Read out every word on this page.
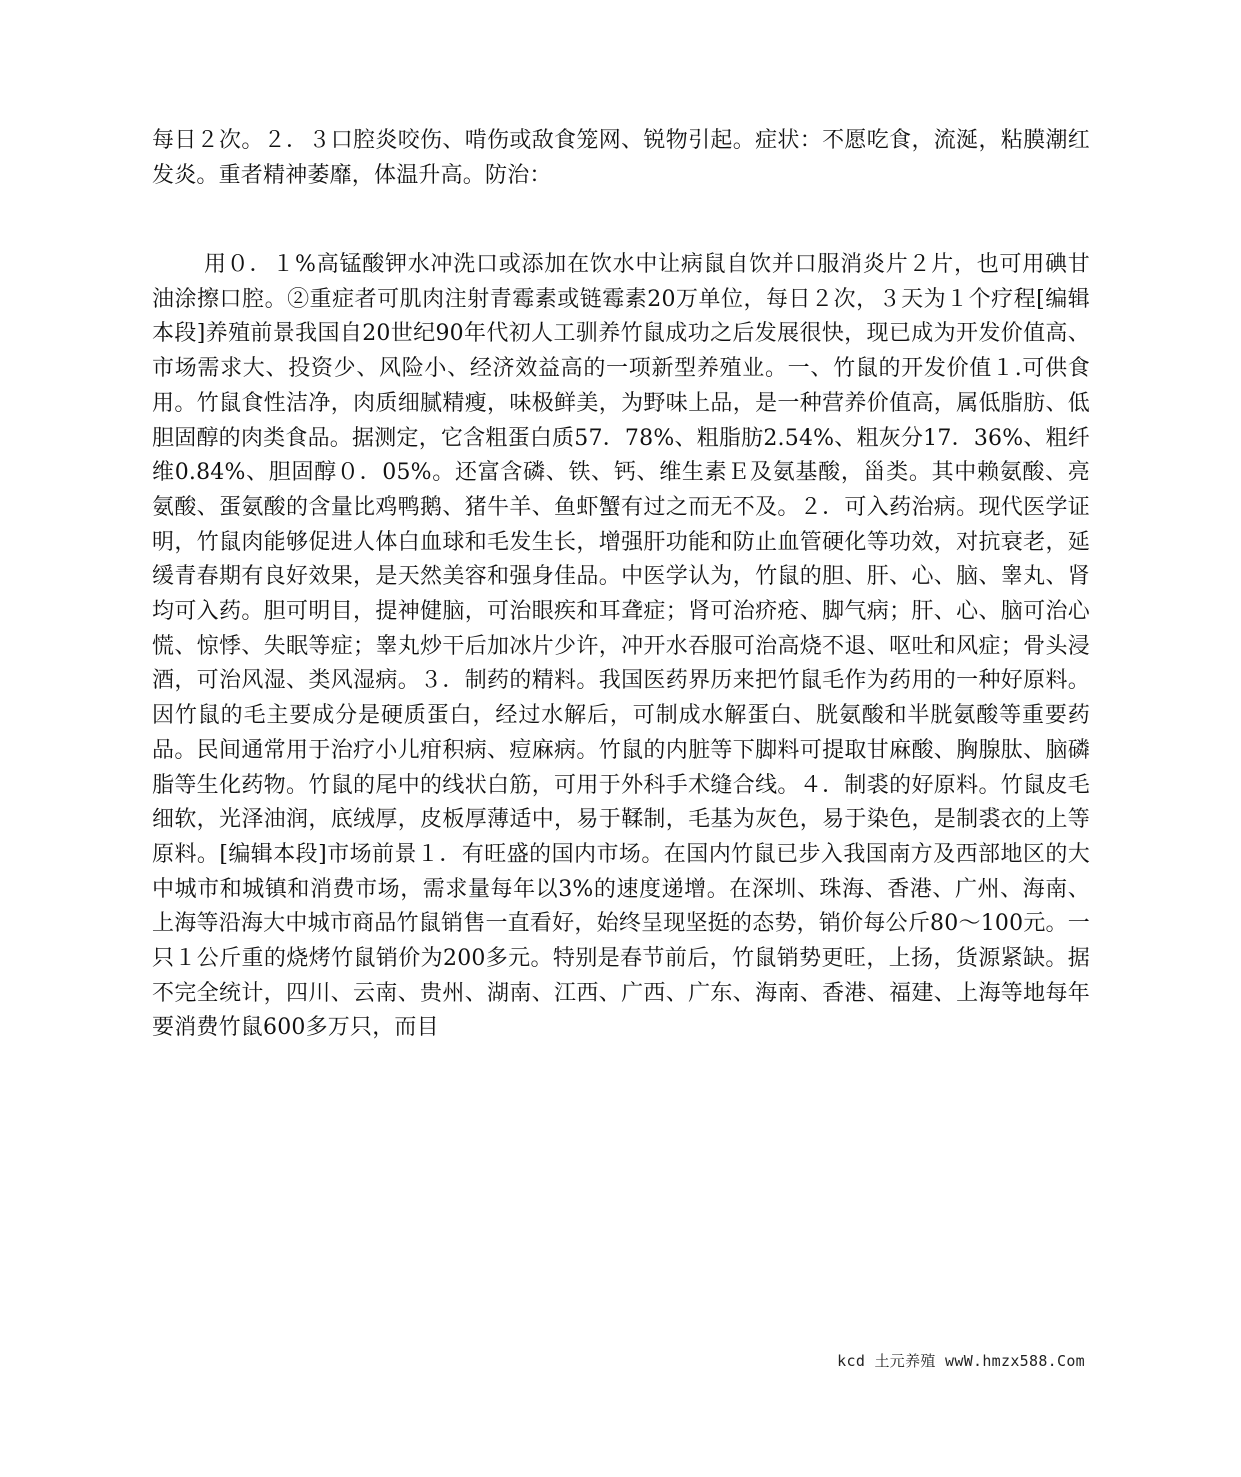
每日２次。２．３口腔炎咬伤、啃伤或敌食笼网、锐物引起。症状：不愿吃食，流涎，粘膜潮红发炎。重者精神萎靡，体温升高。防治：

用０．１%高锰酸钾水冲洗口或添加在饮水中让病鼠自饮并口服消炎片２片，也可用碘甘油涂擦口腔。②重症者可肌肉注射青霉素或链霉素20万单位，每日２次，３天为１个疗程[编辑本段]养殖前景我国自20世纪90年代初人工驯养竹鼠成功之后发展很快，现已成为开发价值高、市场需求大、投资少、风险小、经济效益高的一项新型养殖业。一、竹鼠的开发价值１.可供食用。竹鼠食性洁净，肉质细腻精瘦，味极鲜美，为野味上品，是一种营养价值高，属低脂肪、低胆固醇的肉类食品。据测定，它含粗蛋白质57．78%、粗脂肪2.54%、粗灰分17．36%、粗纤维0.84%、胆固醇０．05%。还富含磷、铁、钙、维生素Ｅ及氨基酸，甾类。其中赖氨酸、亮氨酸、蛋氨酸的含量比鸡鸭鹅、猪牛羊、鱼虾蟹有过之而无不及。２．可入药治病。现代医学证明，竹鼠肉能够促进人体白血球和毛发生长，增强肝功能和防止血管硬化等功效，对抗衰老，延缓青春期有良好效果，是天然美容和强身佳品。中医学认为，竹鼠的胆、肝、心、脑、睾丸、肾均可入药。胆可明目，提神健脑，可治眼疾和耳聋症；肾可治疥疮、脚气病；肝、心、脑可治心慌、惊悸、失眠等症；睾丸炒干后加冰片少许，冲开水吞服可治高烧不退、呕吐和风症；骨头浸酒，可治风湿、类风湿病。３．制药的精料。我国医药界历来把竹鼠毛作为药用的一种好原料。因竹鼠的毛主要成分是硬质蛋白，经过水解后，可制成水解蛋白、胱氨酸和半胱氨酸等重要药品。民间通常用于治疗小儿疳积病、痘麻病。竹鼠的内脏等下脚料可提取甘麻酸、胸腺肽、脑磷脂等生化药物。竹鼠的尾中的线状白筋，可用于外科手术缝合线。４．制裘的好原料。竹鼠皮毛细软，光泽油润，底绒厚，皮板厚薄适中，易于鞣制，毛基为灰色，易于染色，是制裘衣的上等原料。[编辑本段]市场前景１．有旺盛的国内市场。在国内竹鼠已步入我国南方及西部地区的大中城市和城镇和消费市场，需求量每年以3%的速度递增。在深圳、珠海、香港、广州、海南、上海等沿海大中城市商品竹鼠销售一直看好，始终呈现坚挺的态势，销价每公斤80～100元。一只１公斤重的烧烤竹鼠销价为200多元。特别是春节前后，竹鼠销势更旺，上扬，货源紧缺。据不完全统计，四川、云南、贵州、湖南、江西、广西、广东、海南、香港、福建、上海等地每年要消费竹鼠600多万只，而目

kcd 土元养殖 wwW.hmzx588.Com
